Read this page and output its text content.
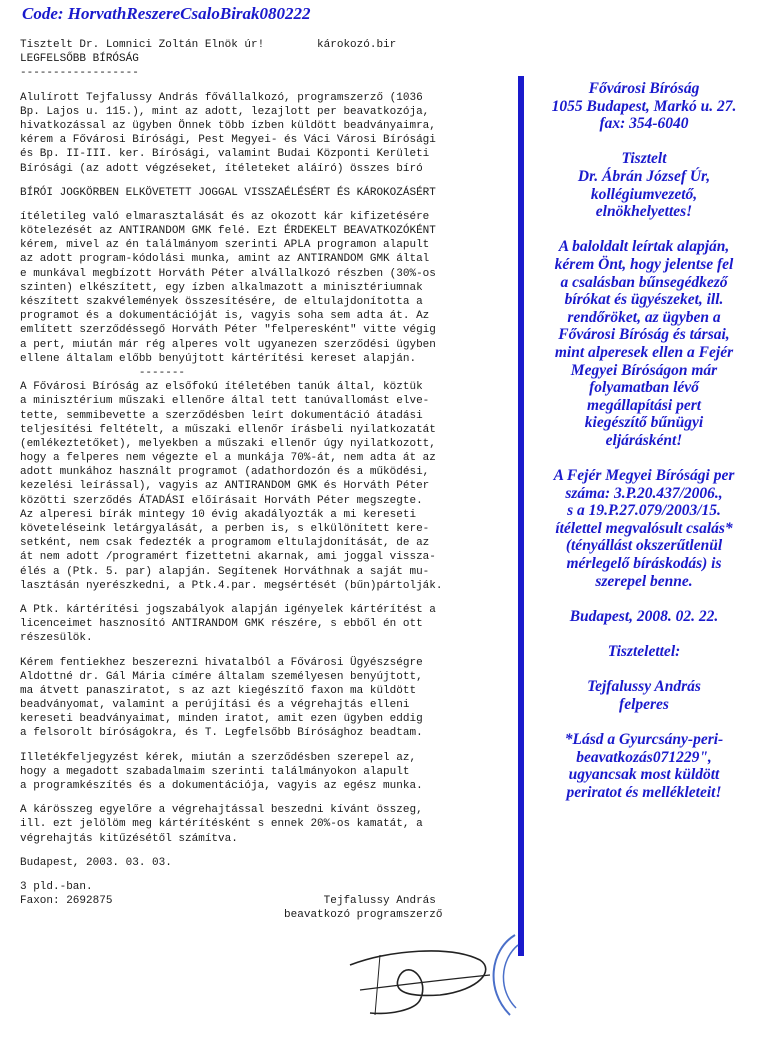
Code: HorvathReszereCsaloBirak080222
Tisztelt Dr. Lomnici Zoltán Elnök úr!        károkozó.bir
LEGFELSŐBB BÍRÓSÁG
------------------
Alulírott Tejfalussy András fővállalkozó, programszerző (1036
Bp. Lajos u. 115.), mint az adott, lezajlott per beavatkozója,
hivatkozással az ügyben Önnek több ízben küldött beadványaimra,
kérem a Fővárosi Bírósági, Pest Megyei- és Váci Városi Bírósági
és Bp. II-III. ker. Bírósági, valamint Budai Központi Kerületi
Bírósági (az adott végzéseket, ítéleteket aláíró) összes bíró
BÍRÓI JOGKÖRBEN ELKÖVETETT JOGGAL VISSZAÉLÉSÉRT ÉS KÁROKOZÁSÉRT
ítéletileg való elmarasztalását és az okozott kár kifizetésére
kötelezését az ANTIRANDOM GMK felé. Ezt ÉRDEKELT BEAVATKOZÓKÉNT
kérem, mivel az én találmányom szerinti APLA programon alapult
az adott program-kódolási munka, amint az ANTIRANDOM GMK által
e munkával megbízott Horváth Péter alvállalkozó részben (30%-os
szinten) elkészített, egy ízben alkalmazott a minisztériumnak
készített szakvélemények összesítésére, de eltulajdonította a
programot és a dokumentációját is, vagyis soha sem adta át. Az
említett szerződéssegő Horváth Péter "felperesként" vitte végig
a pert, miután már rég alperes volt ugyanezen szerződési ügyben
ellene általam előbb benyújtott kártérítési kereset alapján.
-------
A Fővárosi Bíróság az elsőfokú ítéletében tanúk által, köztük
a minisztérium műszaki ellenőre által tett tanúvallomást elve-
tette, semmibevette a szerződésben leírt dokumentáció átadási
teljesítési feltételt, a műszaki ellenőr írásbeli nyilatkozatát
(emlékeztetőket), melyekben a műszaki ellenőr úgy nyilatkozott,
hogy a felperes nem végezte el a munkája 70%-át, nem adta át az
adott munkához használt programot (adathordozón és a működési,
kezelési leírással), vagyis az ANTIRANDOM GMK és Horváth Péter
közötti szerződés ÁTADÁSI előírásait Horváth Péter megszegte.
Az alperesi bírák mintegy 10 évig akadályozták a mi kereseti
követeléseink letárgyalását, a perben is, s elkülönített kere-
setként, nem csak fedezték a programom eltulajdonítását, de az
át nem adott /programért fizettetni akarnak, ami joggal vissza-
élés a (Ptk. 5. par) alapján. Segítenek Horváthnak a saját mu-
lasztásán nyerészkedni, a Ptk.4.par. megsértését (bűn)pártolják.
A Ptk. kártérítési jogszabályok alapján igényelek kártérítést a
licenceimet hasznosító ANTIRANDOM GMK részére, s ebből én ott
részesülök.
Kérem fentiekhez beszerezni hivatalból a Fővárosi Ügyészségre
Aldottné dr. Gál Mária címére általam személyesen benyújtott,
ma átvett panasziratot, s az azt kiegészítő faxon ma küldött
beadványomat, valamint a perújítási és a végrehajtás elleni
kereseti beadványaimat, minden iratot, amit ezen ügyben eddig
a felsorolt bíróságokra, és T. Legfelsőbb Bírósághoz beadtam.
Illetékfeljegyzést kérek, miután a szerződésben szerepel az,
hogy a megadott szabadalmaim szerinti találmányokon alapult
a programkészítés és a dokumentációja, vagyis az egész munka.
A kárösszeg egyelőre a végrehajtással beszedni kívánt összeg,
ill. ezt jelölöm meg kártérítésként s ennek 20%-os kamatát, a
végrehajtás kitűzésétől számítva.
Budapest, 2003. 03. 03.
3 pld.-ban.
Faxon: 2692875                                Tejfalussy András
beavatkozó programszerző
Fővárosi Bíróság
1055 Budapest, Markó u. 27.
fax: 354-6040
Tisztelt
Dr. Ábrán József Úr,
kollégiumvezető,
elnökhelyettes!
A baloldalt leírtak alapján,
kérem Önt, hogy jelentse fel
a csalásban bűnsegédkező
bírókat és ügyészeket, ill.
rendőröket, az ügyben a
Fővárosi Bíróság és társai,
mint alperesek ellen a Fejér
Megyei Bíróságon már
folyamatban lévő
megállapítási pert
kiegészítő bűnügyi
eljárásként!
A Fejér Megyei Bírósági per
száma: 3.P.20.437/2006.,
s a 19.P.27.079/2003/15.
ítélettel megvalósult csalás*
(tényállást okszerűtlenül
mérlegelő bíráskodás) is
szerepel benne.
Budapest, 2008. 02. 22.
Tisztelettel:
Tejfalussy András
felperes
*Lásd a Gyurcsány-peri-
beavatkozás071229",
ugyancsak most küldött
periratot és mellékleteit!
